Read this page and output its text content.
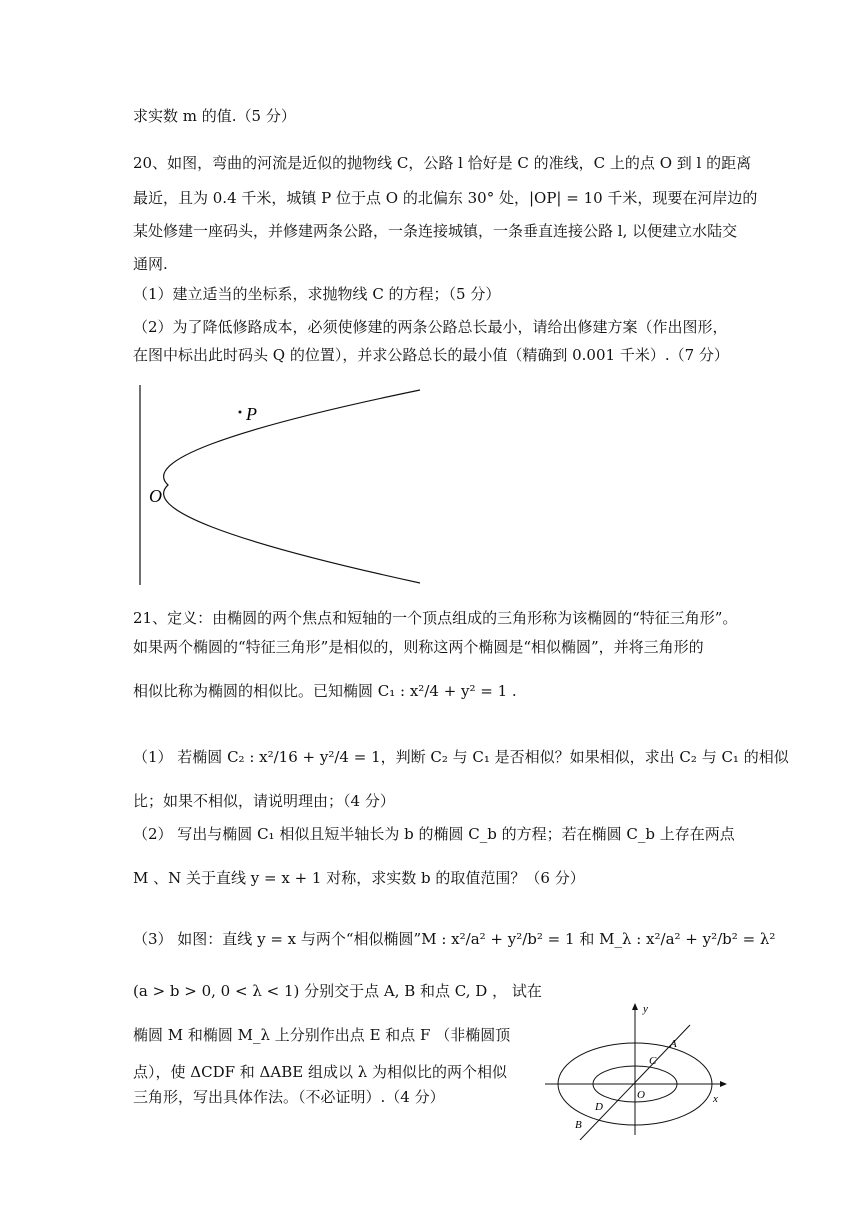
求实数 m 的值.（5 分）
20、如图，弯曲的河流是近似的抛物线 C，公路 l 恰好是 C 的准线，C 上的点 O 到 l 的距离
最近，且为 0.4 千米，城镇 P 位于点 O 的北偏东 30° 处，|OP| = 10 千米，现要在河岸边的
某处修建一座码头，并修建两条公路，一条连接城镇，一条垂直连接公路 l, 以便建立水陆交
通网.
（1）建立适当的坐标系，求抛物线 C 的方程；（5 分）
（2）为了降低修路成本，必须使修建的两条公路总长最小，请给出修建方案（作出图形，
在图中标出此时码头 Q 的位置），并求公路总长的最小值（精确到 0.001 千米）.（7 分）
P
O
21、定义：由椭圆的两个焦点和短轴的一个顶点组成的三角形称为该椭圆的“特征三角形”。
如果两个椭圆的“特征三角形”是相似的，则称这两个椭圆是“相似椭圆”，并将三角形的
相似比称为椭圆的相似比。已知椭圆 C₁ : x²/4 + y² = 1 .
（1） 若椭圆 C₂ : x²/16 + y²/4 = 1，判断 C₂ 与 C₁ 是否相似？如果相似，求出 C₂ 与 C₁ 的相似
比；如果不相似，请说明理由；（4 分）
（2） 写出与椭圆 C₁ 相似且短半轴长为 b 的椭圆 C_b 的方程；若在椭圆 C_b 上存在两点
M 、N 关于直线 y = x + 1 对称，求实数 b 的取值范围？（6 分）
（3） 如图：直线 y = x 与两个“相似椭圆”M : x²/a² + y²/b² = 1 和 M_λ : x²/a² + y²/b² = λ²
(a > b > 0, 0 < λ < 1) 分别交于点 A, B 和点 C, D ， 试在
椭圆 M 和椭圆 M_λ 上分别作出点 E 和点 F （非椭圆顶
点），使 ΔCDF 和 ΔABE 组成以 λ 为相似比的两个相似
三角形，写出具体作法。（不必证明）.（4 分）
y
x
A
C
O
D
B
